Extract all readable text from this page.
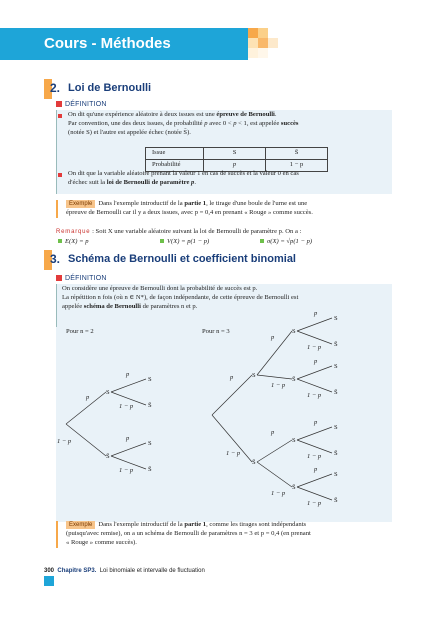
Cours - Méthodes
2. Loi de Bernoulli
DÉFINITION
On dit qu'une expérience aléatoire à deux issues est une épreuve de Bernoulli.
Par convention, une des deux issues, de probabilité p avec 0 < p < 1, est appelée succès
(notée S) et l'autre est appelée échec (notée S̄).
Issue	S	S̄
Probabilité	p	1 − p
On dit que la variable aléatoire prenant la valeur 1 en cas de succès et la valeur 0 en cas
d'échec suit la loi de Bernoulli de paramètre p.
Exemple Dans l'exemple introductif de la partie 1, le tirage d'une boule de l'urne est une
épreuve de Bernoulli car il y a deux issues, avec p = 0,4 en prenant « Rouge » comme succès.
Remarque : Soit X une variable aléatoire suivant la loi de Bernoulli de paramètre p. On a :
E(X) = p	V(X) = p(1 − p)	σ(X) = √p(1 − p)
3. Schéma de Bernoulli et coefficient binomial
DÉFINITION
On considère une épreuve de Bernoulli dont la probabilité de succès est p.
La répétition n fois (où n ∈ N*), de façon indépendante, de cette épreuve de Bernoulli est
appelée schéma de Bernoulli de paramètres n et p.
Pour n = 2	Pour n = 3
p
1 − p
S
S̄
p
1 − p
S
S̄
p
1 − p
S
S̄
p
1 − p
S
S̄
p
S
p
1 − p
S
S̄
1 − p
S̄
p
1 − p
S
S̄
p
S
p
1 − p
S
S̄
1 − p
S̄
p
1 − p
S
S̄
Exemple Dans l'exemple introductif de la partie 1, comme les tirages sont indépendants
(puisqu'avec remise), on a un schéma de Bernoulli de paramètres n = 3 et p = 0,4 (en prenant
« Rouge » comme succès).
300 Chapitre SP3. Loi binomiale et intervalle de fluctuation
